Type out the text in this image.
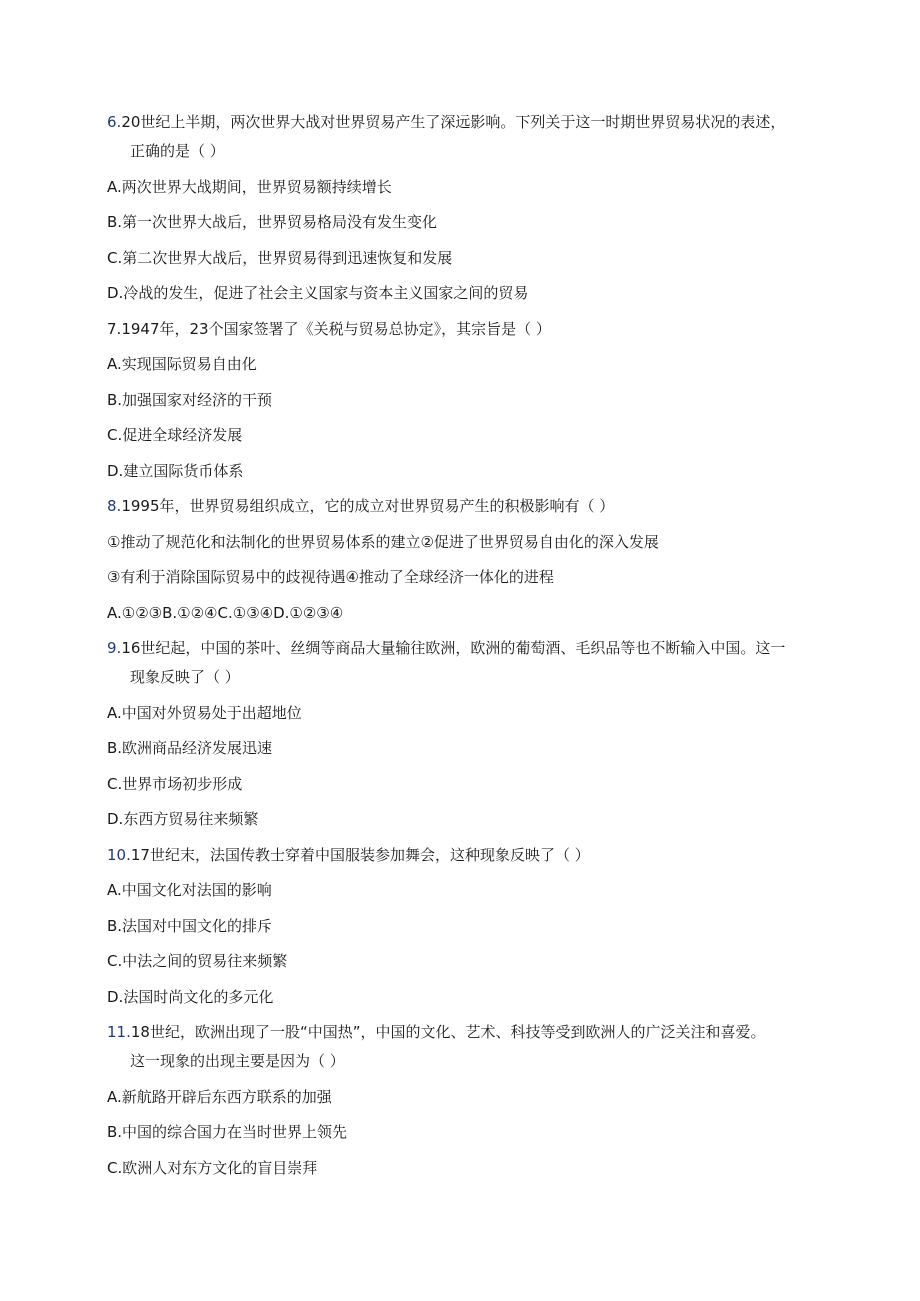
6.20世纪上半期，两次世界大战对世界贸易产生了深远影响。下列关于这一时期世界贸易状况的表述，
正确的是（ ）
A.两次世界大战期间，世界贸易额持续增长
B.第一次世界大战后，世界贸易格局没有发生变化
C.第二次世界大战后，世界贸易得到迅速恢复和发展
D.冷战的发生，促进了社会主义国家与资本主义国家之间的贸易
7.1947年，23个国家签署了《关税与贸易总协定》，其宗旨是（ ）
A.实现国际贸易自由化
B.加强国家对经济的干预
C.促进全球经济发展
D.建立国际货币体系
8.1995年，世界贸易组织成立，它的成立对世界贸易产生的积极影响有（ ）
①推动了规范化和法制化的世界贸易体系的建立②促进了世界贸易自由化的深入发展
③有利于消除国际贸易中的歧视待遇④推动了全球经济一体化的进程
A.①②③B.①②④C.①③④D.①②③④
9.16世纪起，中国的茶叶、丝绸等商品大量输往欧洲，欧洲的葡萄酒、毛织品等也不断输入中国。这一
现象反映了（ ）
A.中国对外贸易处于出超地位
B.欧洲商品经济发展迅速
C.世界市场初步形成
D.东西方贸易往来频繁
10.17世纪末，法国传教士穿着中国服装参加舞会，这种现象反映了（ ）
A.中国文化对法国的影响
B.法国对中国文化的排斥
C.中法之间的贸易往来频繁
D.法国时尚文化的多元化
11.18世纪，欧洲出现了一股“中国热”，中国的文化、艺术、科技等受到欧洲人的广泛关注和喜爱。
这一现象的出现主要是因为（ ）
A.新航路开辟后东西方联系的加强
B.中国的综合国力在当时世界上领先
C.欧洲人对东方文化的盲目崇拜
